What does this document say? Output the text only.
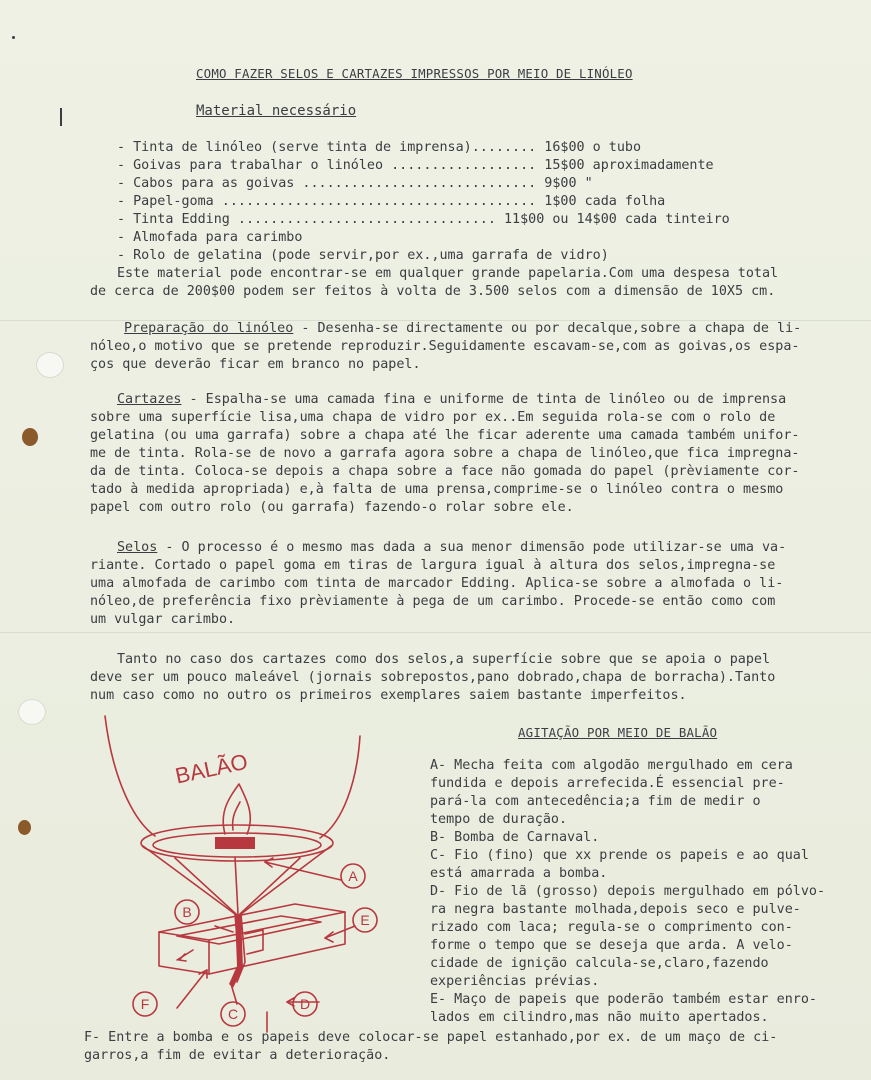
COMO FAZER SELOS E CARTAZES IMPRESSOS POR MEIO DE LINÓLEO
Material necessário
- Tinta de linóleo (serve tinta de imprensa)........ 16$00 o tubo
- Goivas para trabalhar o linóleo .................. 15$00 aproximadamente
- Cabos para as goivas ............................. 9$00 "
- Papel-goma ....................................... 1$00 cada folha
- Tinta Edding ................................ 11$00 ou 14$00 cada tinteiro
- Almofada para carimbo
- Rolo de gelatina (pode servir,por ex.,uma garrafa de vidro)
Este material pode encontrar-se em qualquer grande papelaria.Com uma despesa total
de cerca de 200$00 podem ser feitos à volta de 3.500 selos com a dimensão de 10X5 cm.
Preparação do linóleo - Desenha-se directamente ou por decalque,sobre a chapa de li-
nóleo,o motivo que se pretende reproduzir.Seguidamente escavam-se,com as goivas,os espa-
ços que deverão ficar em branco no papel.
Cartazes - Espalha-se uma camada fina e uniforme de tinta de linóleo ou de imprensa
sobre uma superfície lisa,uma chapa de vidro por ex..Em seguida rola-se com o rolo de
gelatina (ou uma garrafa) sobre a chapa até lhe ficar aderente uma camada também unifor-
me de tinta. Rola-se de novo a garrafa agora sobre a chapa de linóleo,que fica impregna-
da de tinta. Coloca-se depois a chapa sobre a face não gomada do papel (prèviamente cor-
tado à medida apropriada) e,à falta de uma prensa,comprime-se o linóleo contra o mesmo
papel com outro rolo (ou garrafa) fazendo-o rolar sobre ele.
Selos - O processo é o mesmo mas dada a sua menor dimensão pode utilizar-se uma va-
riante. Cortado o papel goma em tiras de largura igual à altura dos selos,impregna-se
uma almofada de carimbo com tinta de marcador Edding. Aplica-se sobre a almofada o li-
nóleo,de preferência fixo prèviamente à pega de um carimbo. Procede-se então como com
um vulgar carimbo.
Tanto no caso dos cartazes como dos selos,a superfície sobre que se apoia o papel
deve ser um pouco maleável (jornais sobrepostos,pano dobrado,chapa de borracha).Tanto
num caso como no outro os primeiros exemplares saiem bastante imperfeitos.
AGITAÇÃO POR MEIO DE BALÃO
A- Mecha feita com algodão mergulhado em cera
fundida e depois arrefecida.É essencial pre-
pará-la com antecedência;a fim de medir o
tempo de duração.
B- Bomba de Carnaval.
C- Fio (fino) que xx prende os papeis e ao qual
está amarrada a bomba.
D- Fio de lã (grosso) depois mergulhado em pólvo-
ra negra bastante molhada,depois seco e pulve-
rizado com laca; regula-se o comprimento con-
forme o tempo que se deseja que arda. A velo-
cidade de ignição calcula-se,claro,fazendo
experiências prévias.
E- Maço de papeis que poderão também estar enro-
lados em cilindro,mas não muito apertados.
F- Entre a bomba e os papeis deve colocar-se papel estanhado,por ex. de um maço de ci-
garros,a fim de evitar a deterioração.
BALÃO
A
B
C
D
E
F
